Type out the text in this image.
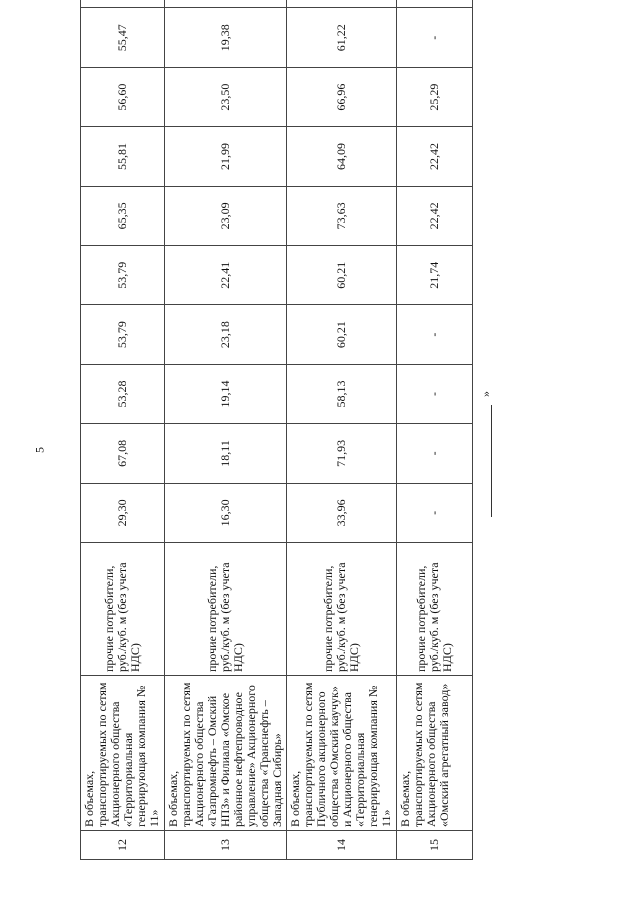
5
»
12	В объемах, транспортируемых по сетям Акционерного общества «Территориальная генерирующая компания № 11»	прочие потребители, руб./куб. м (без учета НДС)	29,30	67,08	53,28	53,79	53,79	65,35	55,81	56,60	55,47	
13	В объемах, транспортируемых по сетям Акционерного общества «Газпромнефть – Омский НПЗ» и Филиала «Омское районное нефтепроводное управление» Акционерного общества «Транснефть – Западная Сибирь»	прочие потребители, руб./куб. м (без учета НДС)	16,30	18,11	19,14	23,18	22,41	23,09	21,99	23,50	19,38	
14	В объемах, транспортируемых по сетям Публичного акционерного общества «Омский каучук» и Акционерного общества «Территориальная генерирующая компания № 11»	прочие потребители, руб./куб. м (без учета НДС)	33,96	71,93	58,13	60,21	60,21	73,63	64,09	66,96	61,22	
15	В объемах, транспортируемых по сетям Акционерного общества «Омский агрегатный завод»	прочие потребители, руб./куб. м (без учета НДС)	-	-	-	-	21,74	22,42	22,42	25,29	-	
